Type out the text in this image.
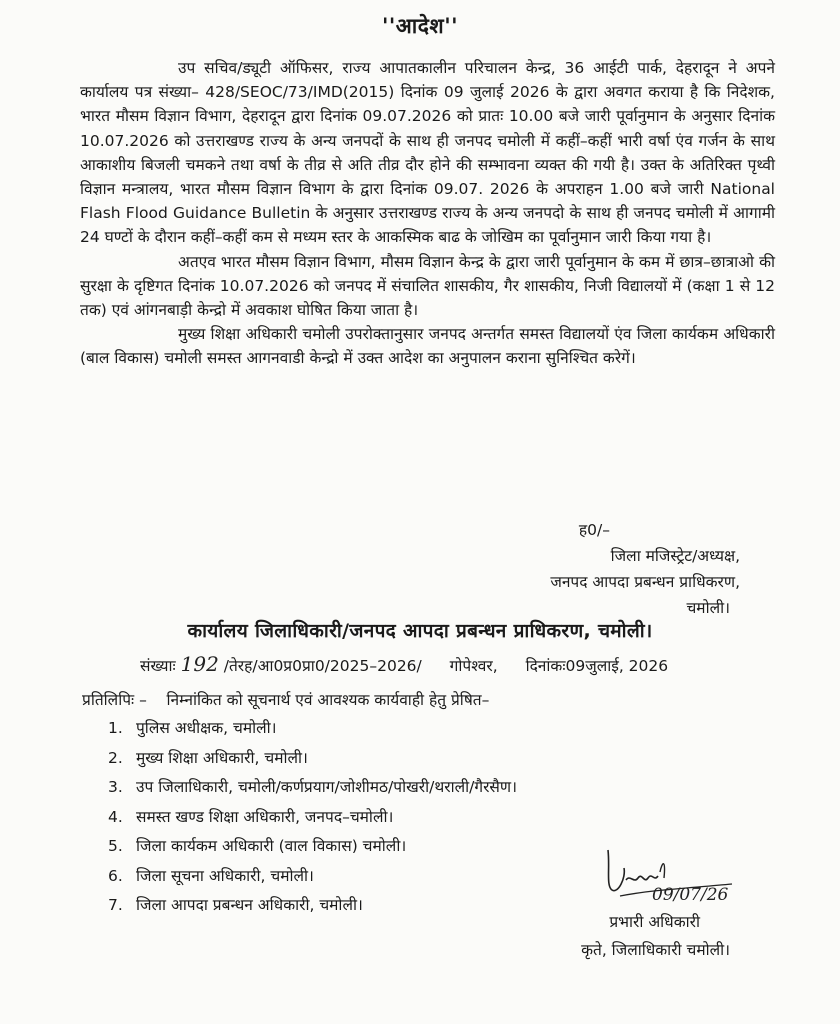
''आदेश''

उप सचिव/ड्यूटी ऑफिसर, राज्य आपातकालीन परिचालन केन्द्र, 36 आईटी पार्क, देहरादून ने अपने कार्यालय पत्र संख्या– 428/SEOC/73/IMD(2015) दिनांक 09 जुलाई 2026 के द्वारा अवगत कराया है कि निदेशक, भारत मौसम विज्ञान विभाग, देहरादून द्वारा दिनांक 09.07.2026 को प्रातः 10.00 बजे जारी पूर्वानुमान के अनुसार दिनांक 10.07.2026 को उत्तराखण्ड राज्य के अन्य जनपदों के साथ ही जनपद चमोली में कहीं–कहीं भारी वर्षा एंव गर्जन के साथ आकाशीय बिजली चमकने तथा वर्षा के तीव्र से अति तीव्र दौर होने की सम्भावना व्यक्त की गयी है। उक्त के अतिरिक्त पृथ्वी विज्ञान मन्त्रालय, भारत मौसम विज्ञान विभाग के द्वारा दिनांक 09.07. 2026 के अपराहन 1.00 बजे जारी National Flash Flood Guidance Bulletin के अनुसार उत्तराखण्ड राज्य के अन्य जनपदो के साथ ही जनपद चमोली में आगामी 24 घण्टों के दौरान कहीं–कहीं कम से मध्यम स्तर के आकस्मिक बाढ के जोखिम का पूर्वानुमान जारी किया गया है।

अतएव भारत मौसम विज्ञान विभाग, मौसम विज्ञान केन्द्र के द्वारा जारी पूर्वानुमान के कम में छात्र–छात्राओ की सुरक्षा के दृष्टिगत दिनांक 10.07.2026 को जनपद में संचालित शासकीय, गैर शासकीय, निजी विद्यालयों में (कक्षा 1 से 12 तक) एवं आंगनबाड़ी केन्द्रो में अवकाश घोषित किया जाता है।

मुख्य शिक्षा अधिकारी चमोली उपरोक्तानुसार जनपद अन्तर्गत समस्त विद्यालयों एंव जिला कार्यकम अधिकारी (बाल विकास) चमोली समस्त आगनवाडी केन्द्रो में उक्त आदेश का अनुपालन कराना सुनिश्चित करेगें।

ह0/–
जिला मजिस्ट्रेट/अध्यक्ष,
जनपद आपदा प्रबन्धन प्राधिकरण,
चमोली।
कार्यालय जिलाधिकारी/जनपद आपदा प्रबन्धन प्राधिकरण, चमोली।
संख्याः 192 /तेरह/आ0प्र0प्रा0/2025–2026/ गोपेश्वर, दिनांकः09जुलाई, 2026
प्रतिलिपिः – निम्नांकित को सूचनार्थ एवं आवश्यक कार्यवाही हेतु प्रेषित–
1. पुलिस अधीक्षक, चमोली।
2. मुख्य शिक्षा अधिकारी, चमोली।
3. उप जिलाधिकारी, चमोली/कर्णप्रयाग/जोशीमठ/पोखरी/थराली/गैरसैण।
4. समस्त खण्ड शिक्षा अधिकारी, जनपद–चमोली।
5. जिला कार्यकम अधिकारी (वाल विकास) चमोली।
6. जिला सूचना अधिकारी, चमोली।
7. जिला आपदा प्रबन्धन अधिकारी, चमोली।	09/07/26
प्रभारी अधिकारी
कृते, जिलाधिकारी चमोली।
